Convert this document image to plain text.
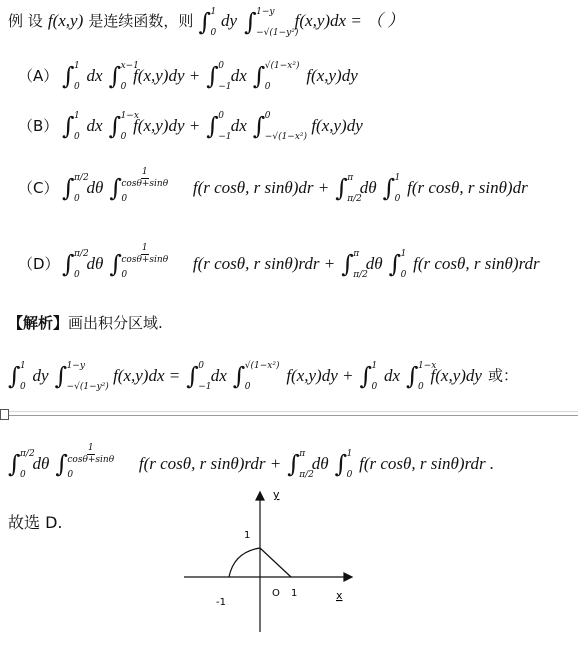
例 设 f(x,y) 是连续函数，则 ∫ 1
0
dy ∫ 1−y
−√(1−y²)
f(x,y)dx = （ ）
（A） ∫ 1
0
dx ∫ x−1
0
f(x,y)dy + ∫ 0
−1
dx ∫ √(1−x²)
0
f(x,y)dy
（B） ∫ 1
0
dx ∫ 1−x
0
f(x,y)dy + ∫ 0
−1
dx ∫ 0
−√(1−x²)
f(x,y)dy
（C） ∫ π/2
0
dθ ∫ $\frac{1}{\cos\theta+\sin\theta}$
0
f(r cosθ, r sinθ)dr + ∫ π
π/2
dθ ∫ 1
0
f(r cosθ, r sinθ)dr
（D） ∫ π/2
0
dθ ∫ $\frac{1}{\cos\theta+\sin\theta}$
0
f(r cosθ, r sinθ)rdr + ∫ π
π/2
dθ ∫ 1
0
f(r cosθ, r sinθ)rdr
【解析】画出积分区域.
∫ 1
0
dy ∫ 1−y
−√(1−y²)
f(x,y)dx = ∫ 0
−1
dx ∫ √(1−x²)
0
f(x,y)dy + ∫ 1
0
dx ∫ 1−x
0
f(x,y)dy 或：
∫ π/2
0
dθ ∫ $\frac{1}{\cos\theta+\sin\theta}$
0
f(r cosθ, r sinθ)rdr + ∫ π
π/2
dθ ∫ 1
0
f(r cosθ, r sinθ)rdr .
故选 D.
y
1
O 1
-1
x
